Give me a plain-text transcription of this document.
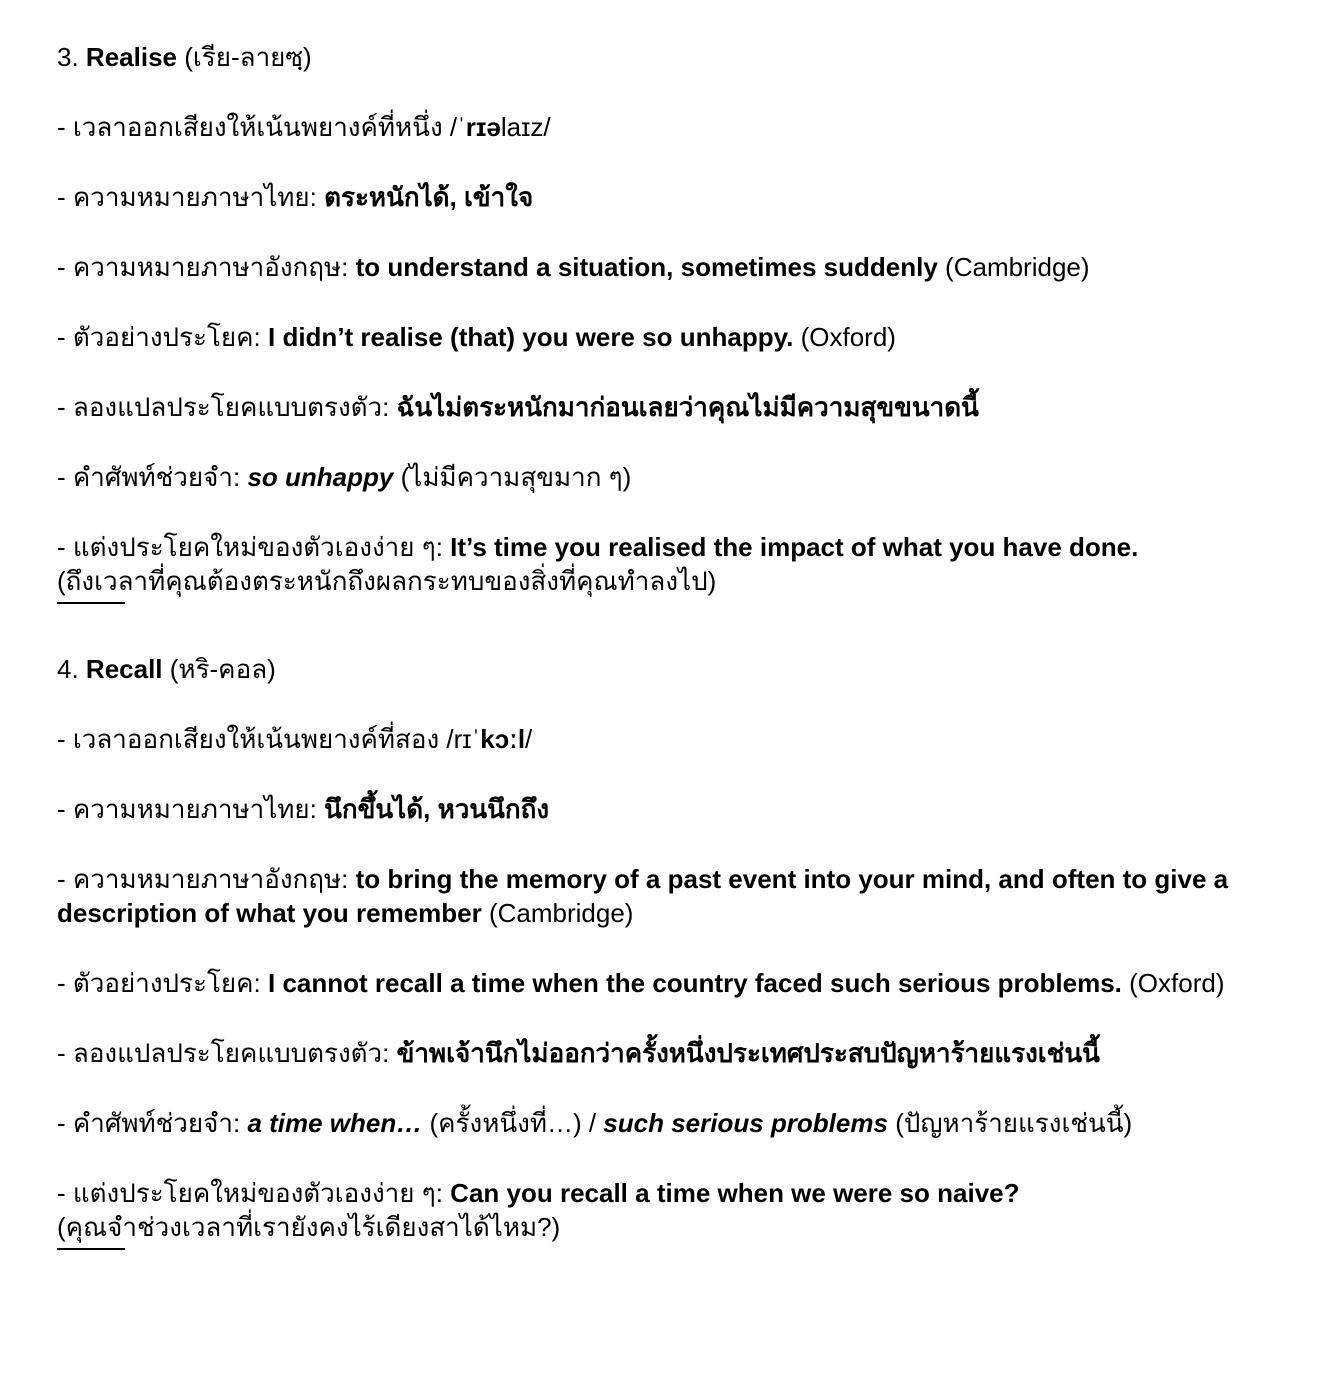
3. Realise (เรีย-ลายซฺ)

- เวลาออกเสียงให้เน้นพยางค์ที่หนึ่ง /ˈrɪəlaɪz/

- ความหมายภาษาไทย: ตระหนักได้, เข้าใจ

- ความหมายภาษาอังกฤษ: to understand a situation, sometimes suddenly (Cambridge)

- ตัวอย่างประโยค: I didn’t realise (that) you were so unhappy. (Oxford)

- ลองแปลประโยคแบบตรงตัว: ฉันไม่ตระหนักมาก่อนเลยว่าคุณไม่มีความสุขขนาดนี้

- คำศัพท์ช่วยจำ: so unhappy (ไม่มีความสุขมาก ๆ)

- แต่งประโยคใหม่ของตัวเองง่าย ๆ: It’s time you realised the impact of what you have done.

(ถึงเวลาที่คุณต้องตระหนักถึงผลกระทบของสิ่งที่คุณทำลงไป)

4. Recall (หริ-คอล)

- เวลาออกเสียงให้เน้นพยางค์ที่สอง /rɪˈkɔːl/

- ความหมายภาษาไทย: นึกขึ้นได้, หวนนึกถึง

- ความหมายภาษาอังกฤษ: to bring the memory of a past event into your mind, and often to give a description of what you remember (Cambridge)

- ตัวอย่างประโยค: I cannot recall a time when the country faced such serious problems. (Oxford)

- ลองแปลประโยคแบบตรงตัว: ข้าพเจ้านึกไม่ออกว่าครั้งหนึ่งประเทศประสบปัญหาร้ายแรงเช่นนี้

- คำศัพท์ช่วยจำ: a time when… (ครั้งหนึ่งที่…) / such serious problems (ปัญหาร้ายแรงเช่นนี้)

- แต่งประโยคใหม่ของตัวเองง่าย ๆ: Can you recall a time when we were so naive?

(คุณจำช่วงเวลาที่เรายังคงไร้เดียงสาได้ไหม?)
